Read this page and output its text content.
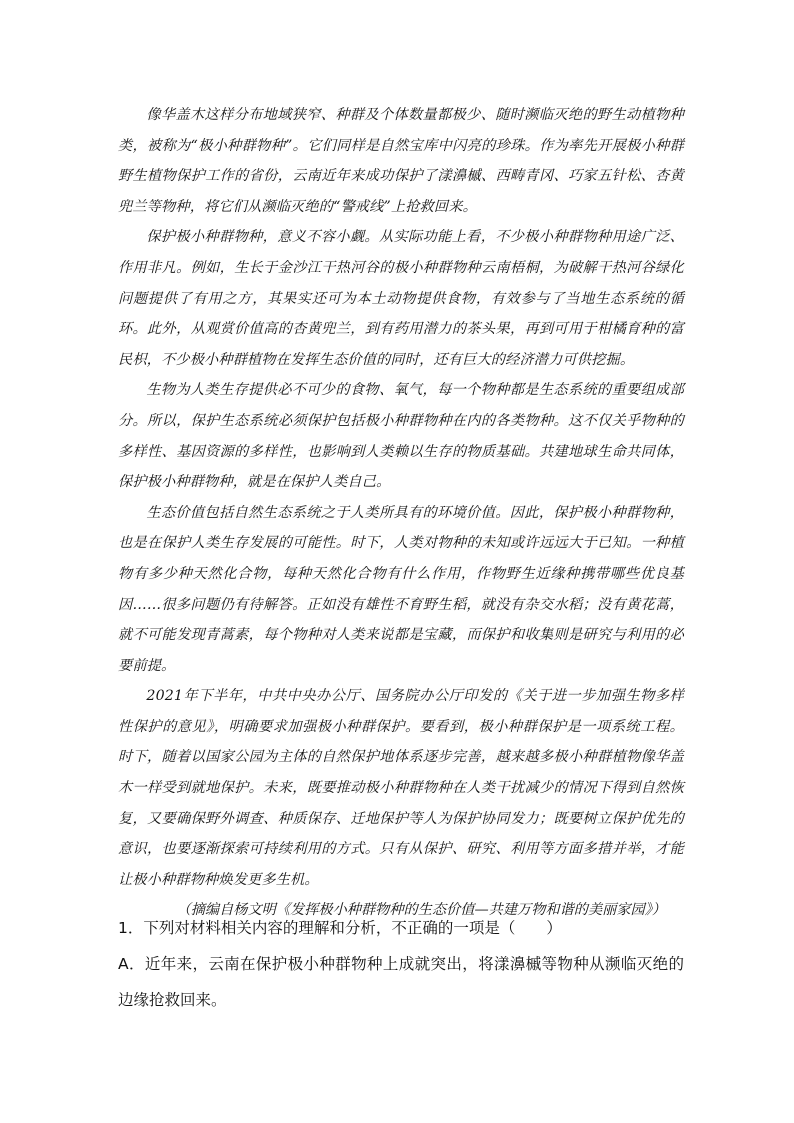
像华盖木这样分布地域狭窄、种群及个体数量都极少、随时濒临灭绝的野生动植物种类，被称为“极小种群物种”。它们同样是自然宝库中闪亮的珍珠。作为率先开展极小种群野生植物保护工作的省份，云南近年来成功保护了漾濞槭、西畴青冈、巧家五针松、杏黄兜兰等物种，将它们从濒临灭绝的“警戒线”上抢救回来。

保护极小种群物种，意义不容小觑。从实际功能上看，不少极小种群物种用途广泛、作用非凡。例如，生长于金沙江干热河谷的极小种群物种云南梧桐，为破解干热河谷绿化问题提供了有用之方，其果实还可为本土动物提供食物，有效参与了当地生态系统的循环。此外，从观赏价值高的杏黄兜兰，到有药用潜力的茶头果，再到可用于柑橘育种的富民枳，不少极小种群植物在发挥生态价值的同时，还有巨大的经济潜力可供挖掘。

生物为人类生存提供必不可少的食物、氧气，每一个物种都是生态系统的重要组成部分。所以，保护生态系统必须保护包括极小种群物种在内的各类物种。这不仅关乎物种的多样性、基因资源的多样性，也影响到人类赖以生存的物质基础。共建地球生命共同体，保护极小种群物种，就是在保护人类自己。

生态价值包括自然生态系统之于人类所具有的环境价值。因此，保护极小种群物种，也是在保护人类生存发展的可能性。时下，人类对物种的未知或许远远大于已知。一种植物有多少种天然化合物，每种天然化合物有什么作用，作物野生近缘种携带哪些优良基因……很多问题仍有待解答。正如没有雄性不育野生稻，就没有杂交水稻；没有黄花蒿，就不可能发现青蒿素，每个物种对人类来说都是宝藏，而保护和收集则是研究与利用的必要前提。

2021年下半年，中共中央办公厅、国务院办公厅印发的《关于进一步加强生物多样性保护的意见》，明确要求加强极小种群保护。要看到，极小种群保护是一项系统工程。时下，随着以国家公园为主体的自然保护地体系逐步完善，越来越多极小种群植物像华盖木一样受到就地保护。未来，既要推动极小种群物种在人类干扰减少的情况下得到自然恢复，又要确保野外调查、种质保存、迁地保护等人为保护协同发力；既要树立保护优先的意识，也要逐渐探索可持续利用的方式。只有从保护、研究、利用等方面多措并举，才能让极小种群物种焕发更多生机。

（摘编自杨文明《发挥极小种群物种的生态价值—共建万物和谐的美丽家园》）

1．下列对材料相关内容的理解和分析，不正确的一项是（　　）

A．近年来，云南在保护极小种群物种上成就突出，将漾濞槭等物种从濒临灭绝的边缘抢救回来。
